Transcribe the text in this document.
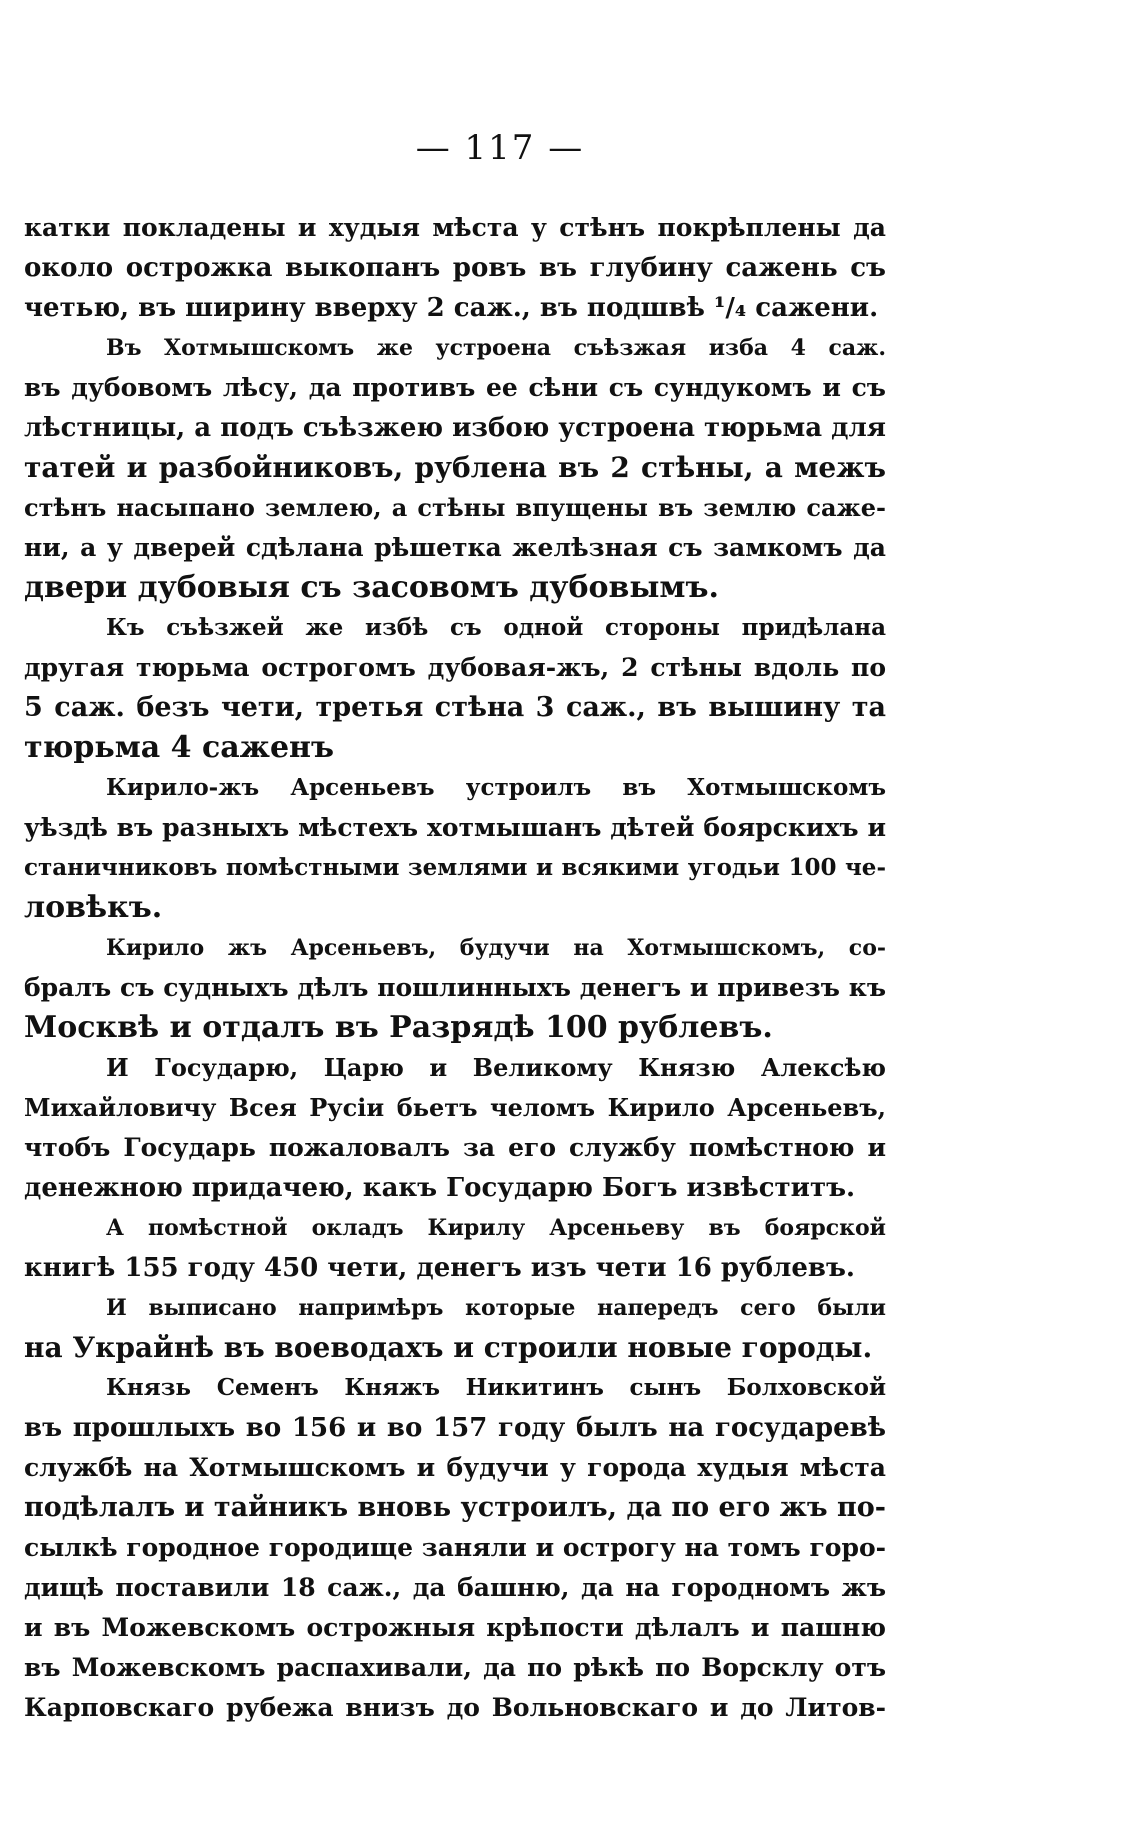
— 117 —
катки покладены и худыя мѣста у стѣнъ покрѣплены да
около острожка выкопанъ ровъ въ глубину сажень съ
четью, въ ширину вверху 2 саж., въ подшвѣ ¹/₄ сажени.
Въ Хотмышскомъ же устроена съѣзжая изба 4 саж.
въ дубовомъ лѣсу, да противъ ее сѣни съ сундукомъ и съ
лѣстницы, а подъ съѣзжею избою устроена тюрьма для
татей и разбойниковъ, рублена въ 2 стѣны, а межъ
стѣнъ насыпано землею, а стѣны впущены въ землю саже-
ни, а у дверей сдѣлана рѣшетка желѣзная съ замкомъ да
двери дубовыя съ засовомъ дубовымъ.
Къ съѣзжей же избѣ съ одной стороны придѣлана
другая тюрьма острогомъ дубовая-жъ, 2 стѣны вдоль по
5 саж. безъ чети, третья стѣна 3 саж., въ вышину та
тюрьма 4 саженъ
Кирило-жъ Арсеньевъ устроилъ въ Хотмышскомъ
уѣздѣ въ разныхъ мѣстехъ хотмышанъ дѣтей боярскихъ и
станичниковъ помѣстными землями и всякими угодьи 100 че-
ловѣкъ.
Кирило жъ Арсеньевъ, будучи на Хотмышскомъ, со-
бралъ съ судныхъ дѣлъ пошлинныхъ денегъ и привезъ къ
Москвѣ и отдалъ въ Разрядѣ 100 рублевъ.
И Государю, Царю и Великому Князю Алексѣю
Михайловичу Всея Русіи бьетъ челомъ Кирило Арсеньевъ,
чтобъ Государь пожаловалъ за его службу помѣстною и
денежною придачею, какъ Государю Богъ извѣститъ.
А помѣстной окладъ Кирилу Арсеньеву въ боярской
книгѣ 155 году 450 чети, денегъ изъ чети 16 рублевъ.
И выписано напримѣръ которые напередъ сего были
на Украйнѣ въ воеводахъ и строили новые городы.
Князь Семенъ Княжъ Никитинъ сынъ Болховской
въ прошлыхъ во 156 и во 157 году былъ на государевѣ
службѣ на Хотмышскомъ и будучи у города худыя мѣста
подѣлалъ и тайникъ вновь устроилъ, да по его жъ по-
сылкѣ городное городище заняли и острогу на томъ горо-
дищѣ поставили 18 саж., да башню, да на городномъ жъ
и въ Можевскомъ острожныя крѣпости дѣлалъ и пашню
въ Можевскомъ распахивали, да по рѣкѣ по Ворсклу отъ
Карповскаго рубежа внизъ до Вольновскаго и до Литов-
